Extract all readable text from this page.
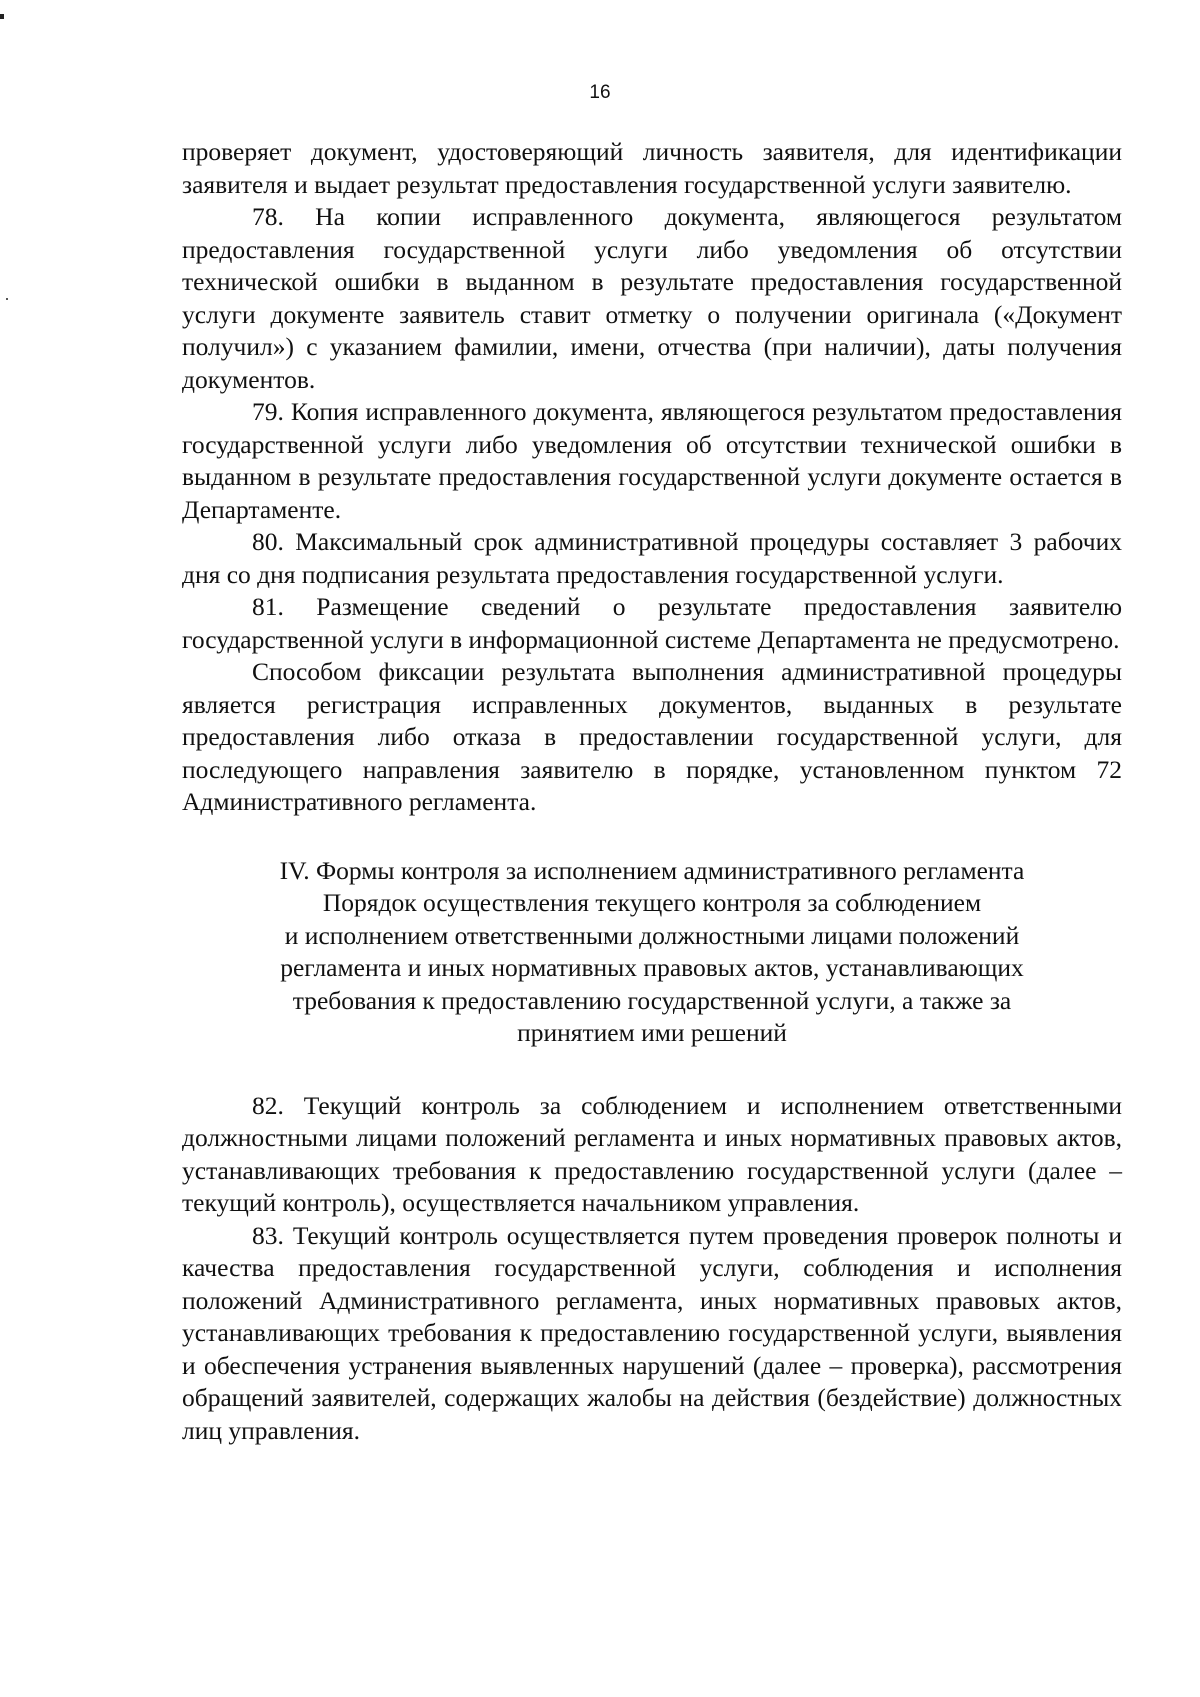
16

проверяет документ, удостоверяющий личность заявителя, для идентификации заявителя и выдает результат предоставления государственной услуги заявителю.

78. На копии исправленного документа, являющегося результатом предоставления государственной услуги либо уведомления об отсутствии технической ошибки в выданном в результате предоставления государственной услуги документе заявитель ставит отметку о получении оригинала («Документ получил») с указанием фамилии, имени, отчества (при наличии), даты получения документов.

79. Копия исправленного документа, являющегося результатом предоставления государственной услуги либо уведомления об отсутствии технической ошибки в выданном в результате предоставления государственной услуги документе остается в Департаменте.

80. Максимальный срок административной процедуры составляет 3 рабочих дня со дня подписания результата предоставления государственной услуги.

81. Размещение сведений о результате предоставления заявителю государственной услуги в информационной системе Департамента не предусмотрено.

Способом фиксации результата выполнения административной процедуры является регистрация исправленных документов, выданных в результате предоставления либо отказа в предоставлении государственной услуги, для последующего направления заявителю в порядке, установленном пунктом 72 Административного регламента.

IV. Формы контроля за исполнением административного регламента
Порядок осуществления текущего контроля за соблюдением
и исполнением ответственными должностными лицами положений
регламента и иных нормативных правовых актов, устанавливающих
требования к предоставлению государственной услуги, а также за
принятием ими решений

82. Текущий контроль за соблюдением и исполнением ответственными должностными лицами положений регламента и иных нормативных правовых актов, устанавливающих требования к предоставлению государственной услуги (далее – текущий контроль), осуществляется начальником управления.

83. Текущий контроль осуществляется путем проведения проверок полноты и качества предоставления государственной услуги, соблюдения и исполнения положений Административного регламента, иных нормативных правовых актов, устанавливающих требования к предоставлению государственной услуги, выявления и обеспечения устранения выявленных нарушений (далее – проверка), рассмотрения обращений заявителей, содержащих жалобы на действия (бездействие) должностных лиц управления.
